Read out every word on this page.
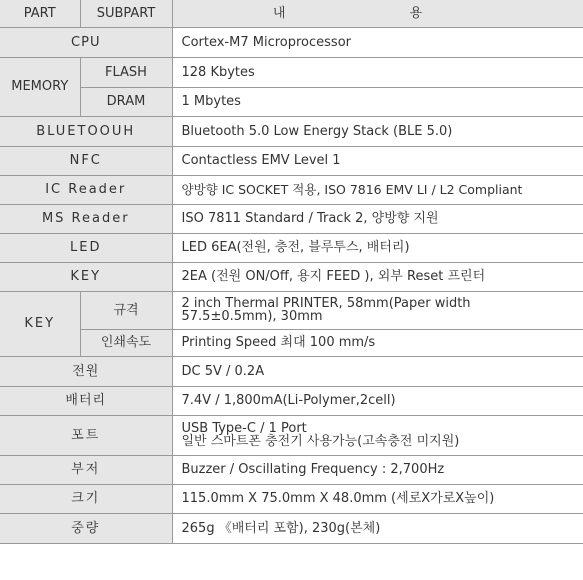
PART	SUBPART	내 용
CPU		Cortex-M7 Microprocessor
MEMORY	FLASH	128 Kbytes
	DRAM	1 Mbytes
BLUETOOUH		Bluetooth 5.0 Low Energy Stack (BLE 5.0)
NFC		Contactless EMV Level 1
IC Reader		양방향 IC SOCKET 적용, ISO 7816 EMV LI / L2 Compliant
MS Reader		ISO 7811 Standard / Track 2, 양방향 지원
LED		LED 6EA(전원, 충전, 블루투스, 배터리)
KEY		2EA (전원 ON/Off, 용지 FEED ), 외부 Reset 프린터
KEY	규격	2 inch Thermal PRINTER, 58mm(Paper width
57.5±0.5mm), 30mm

	인쇄속도	Printing Speed 최대 100 mm/s
전원		DC 5V / 0.2A
배터리		7.4V / 1,800mA(Li-Polymer,2cell)
포트		USB Type-C / 1 Port
일반 스마트폰 충전기 사용가능(고속충전 미지원)

부저		Buzzer / Oscillating Frequency : 2,700Hz
크기		115.0mm X 75.0mm X 48.0mm (세로X가로X높이)
중량		265g 《배터리 포함), 230g(본체)
